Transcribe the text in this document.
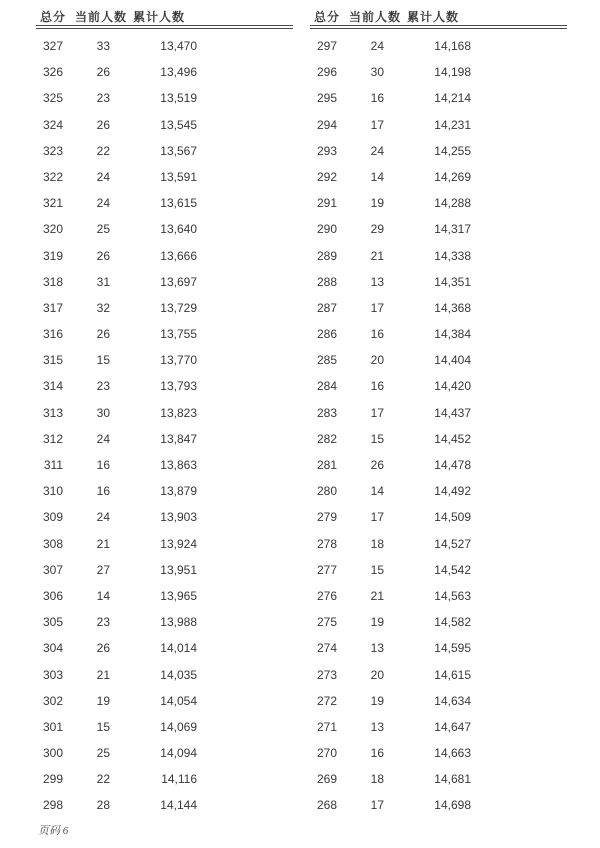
总分 当前人数 累计人数
327	33	13,470
326	26	13,496
325	23	13,519
324	26	13,545
323	22	13,567
322	24	13,591
321	24	13,615
320	25	13,640
319	26	13,666
318	31	13,697
317	32	13,729
316	26	13,755
315	15	13,770
314	23	13,793
313	30	13,823
312	24	13,847
311	16	13,863
310	16	13,879
309	24	13,903
308	21	13,924
307	27	13,951
306	14	13,965
305	23	13,988
304	26	14,014
303	21	14,035
302	19	14,054
301	15	14,069
300	25	14,094
299	22	14,116
298	28	14,144
总分 当前人数 累计人数
297	24	14,168
296	30	14,198
295	16	14,214
294	17	14,231
293	24	14,255
292	14	14,269
291	19	14,288
290	29	14,317
289	21	14,338
288	13	14,351
287	17	14,368
286	16	14,384
285	20	14,404
284	16	14,420
283	17	14,437
282	15	14,452
281	26	14,478
280	14	14,492
279	17	14,509
278	18	14,527
277	15	14,542
276	21	14,563
275	19	14,582
274	13	14,595
273	20	14,615
272	19	14,634
271	13	14,647
270	16	14,663
269	18	14,681
268	17	14,698
页码 6
